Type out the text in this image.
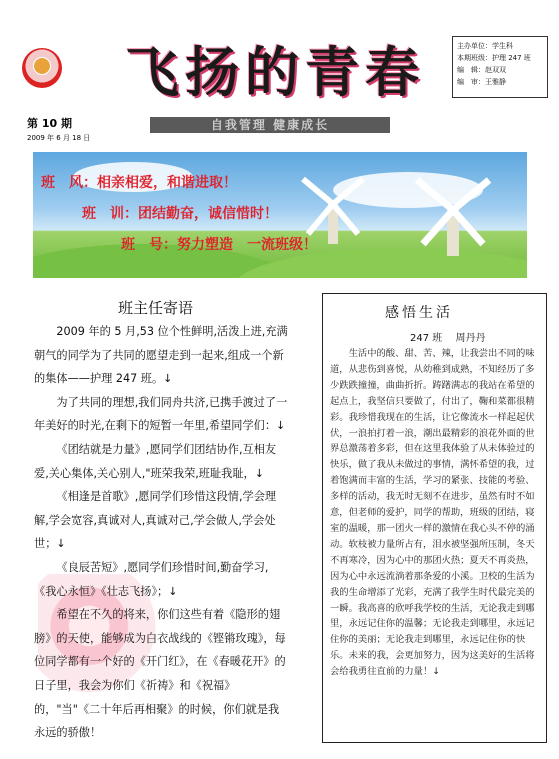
飞扬的青春
第 10 期
2009 年 6 月 18 日
主办单位：学生科
本期班级：护理 247 班
编　辑：赵双双
编　审：王雅静
自我管理 健康成长
班　风：相亲相爱，和谐进取！
班　训：团结勤奋，诚信惜时！
班　号：努力塑造　一流班级！
班主任寄语

2009 年的 5 月,53 位个性鲜明,活泼上进,充满朝气的同学为了共同的愿望走到一起来,组成一个新的集体——护理 247 班。↓

为了共同的理想,我们同舟共济,已携手渡过了一年美好的时光,在剩下的短暂一年里,希望同学们：↓

《团结就是力量》,愿同学们团结协作,互相友爱,关心集体,关心别人,"班荣我荣,班耻我耻，↓

《相逢是首歌》,愿同学们珍惜这段情,学会理解,学会宽容,真诚对人,真诚对己,学会做人,学会处世；↓

《良辰苦短》,愿同学们珍惜时间,勤奋学习,《我心永恒》《壮志飞扬》；↓

希望在不久的将来，你们这些有着《隐形的翅膀》的天使，能够成为白衣战线的《铿锵玫瑰》，每位同学都有一个好的《开门红》，在《春暖花开》的日子里，我会为你们《祈祷》和《祝福》的，"当"《二十年后再相聚》的时候，你们就是我永远的骄傲！

感悟生活
247 班　 周丹丹
生活中的酸、甜、苦、辣，让我尝出不同的味道，从悲伤到喜悦，从幼稚到成熟，不知经历了多少跌跌撞撞，曲曲折折。踌躇满志的我站在希望的起点上，我坚信只要做了，付出了，鞠和菜都很精彩。我珍惜我现在的生活，让它像流水一样起起伏伏，一浪拍打着一浪，潮出最精彩的浪花外面的世界总激荡着多彩，但在这里我体验了从未体验过的快乐，做了我从未做过的事情，满怀希望的我，过着饱满而丰富的生活，学习的紧张、技能的考验、多样的活动，我无时无刻不在进步，虽然有时不如意，但老师的爱护，同学的帮助，班级的团结，寝室的温暖，那一团火一样的激情在我心头不停的涌动。软枝被力量所占有，泪水被坚强所压制，冬天不再寒冷，因为心中的那团火热；夏天不再炎热，因为心中永远流淌着那条爱的小溪。卫校的生活为我的生命增添了光彩，充满了我学生时代最完美的一瞬。我高喜的欣呼我学校的生活，无论我走到哪里，永远记住你的温馨；无论我走到哪里，永远记住你的美丽；无论我走到哪里，永远记住你的快乐。未来的我，会更加努力，因为这美好的生活将会给我勇往直前的力量！↓
